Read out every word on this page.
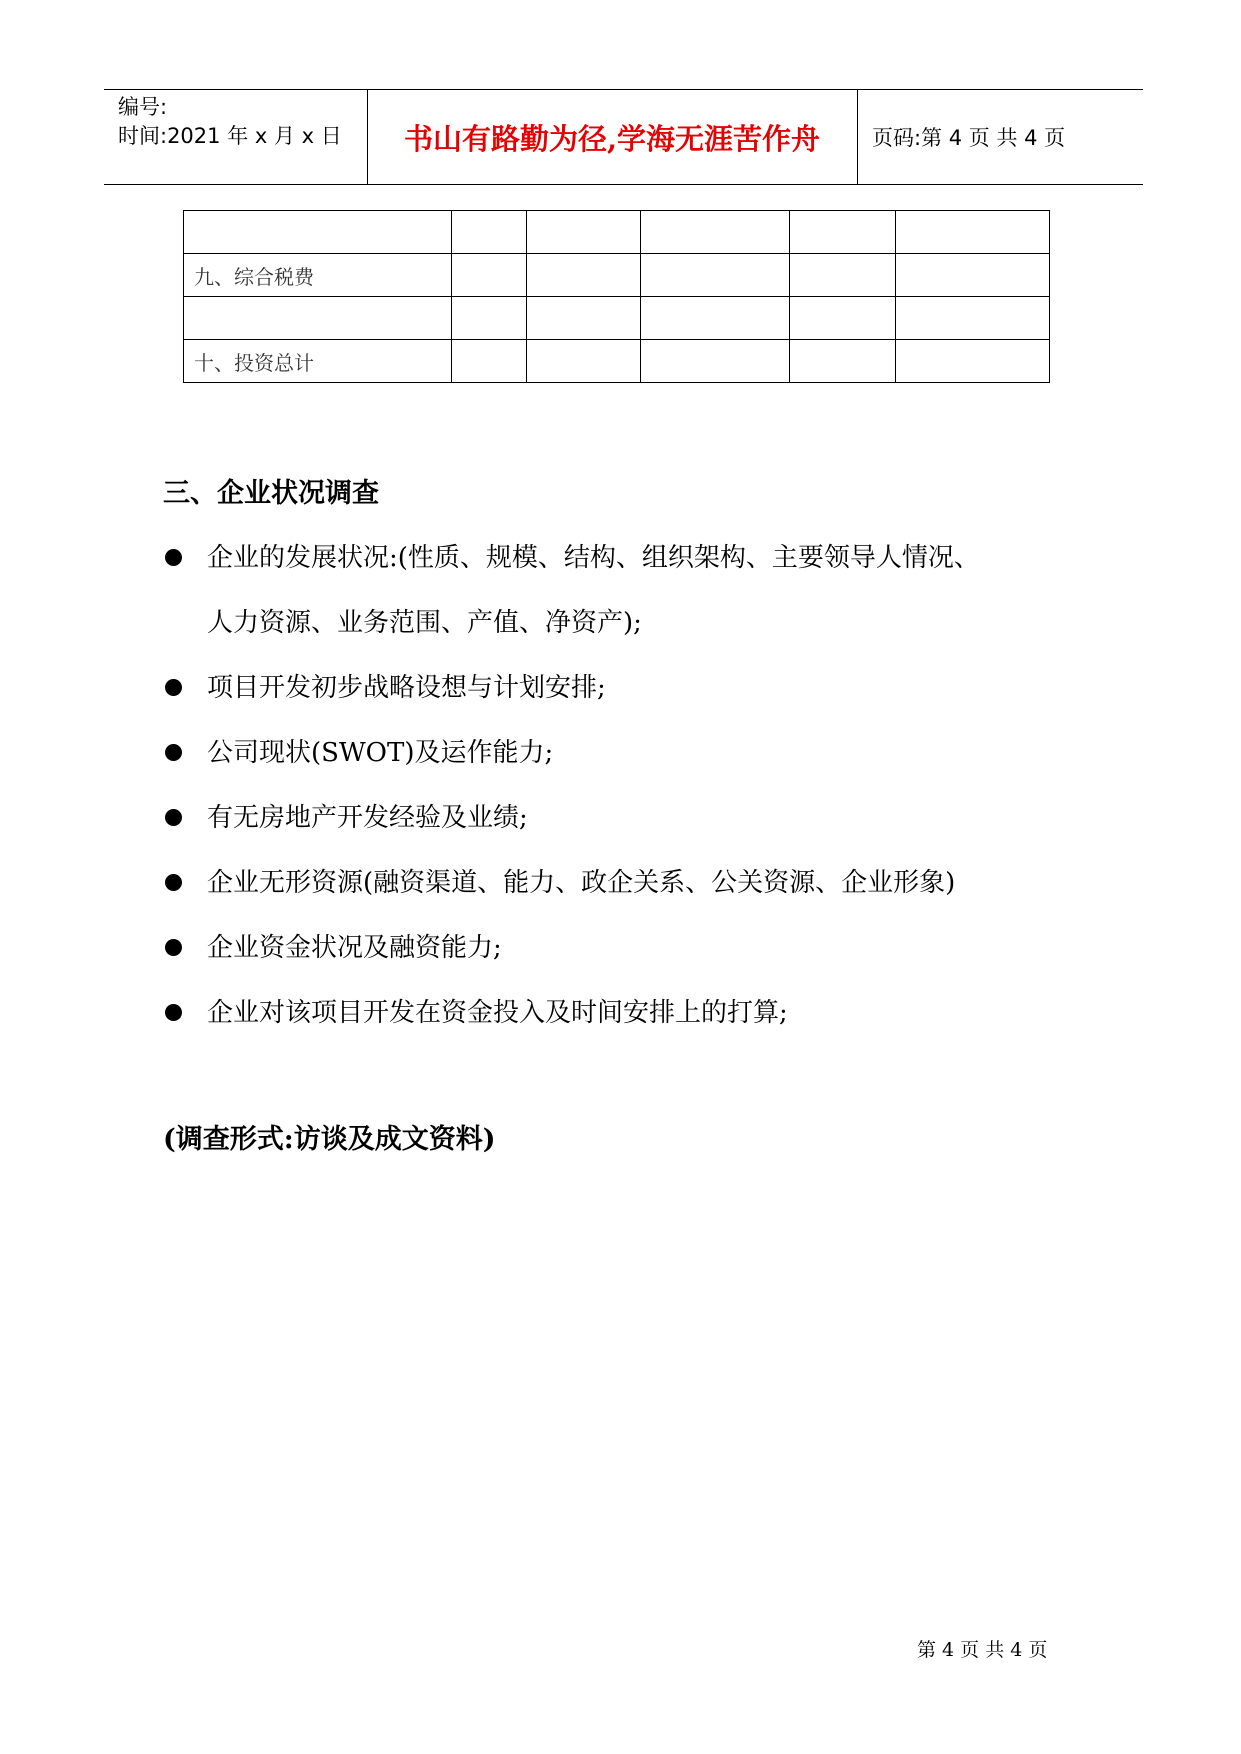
编号:
时间:2021 年 x 月 x 日	书山有路勤为径,学海无涯苦作舟	页码:第 4 页 共 4 页

九、综合税费					

十、投资总计					
三、企业状况调查
企业的发展状况:(性质、规模、结构、组织架构、主要领导人情况、人力资源、业务范围、产值、净资产);
项目开发初步战略设想与计划安排;
公司现状(SWOT)及运作能力;
有无房地产开发经验及业绩;
企业无形资源(融资渠道、能力、政企关系、公关资源、企业形象)
企业资金状况及融资能力;
企业对该项目开发在资金投入及时间安排上的打算;
(调查形式:访谈及成文资料)
第 4 页 共 4 页
